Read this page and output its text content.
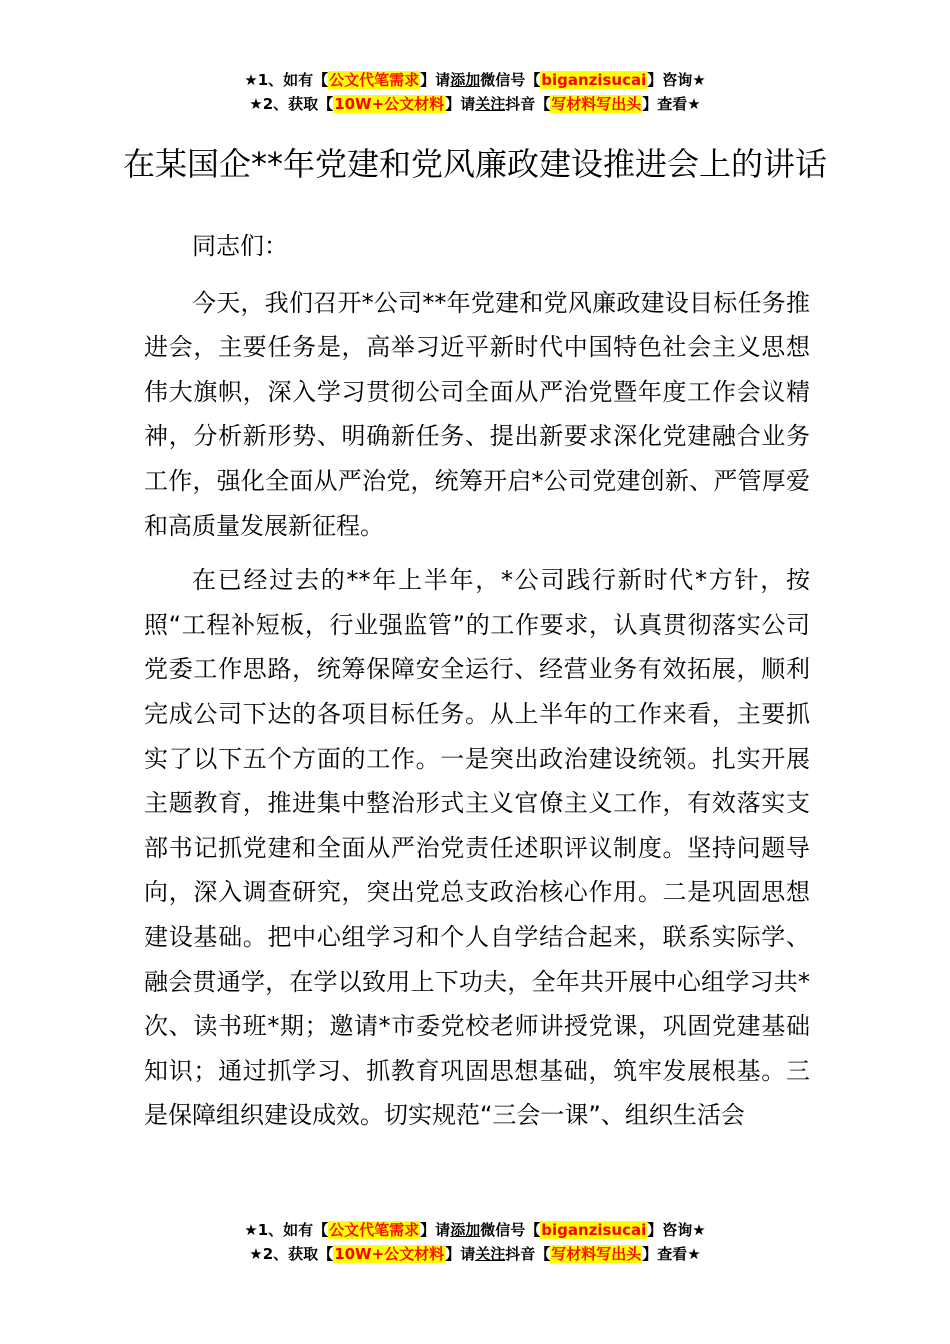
★1、如有【公文代笔需求】请添加微信号【biganzisucai】咨询★
★2、获取【10W+公文材料】请关注抖音【写材料写出头】查看★
在某国企**年党建和党风廉政建设推进会上的讲话

同志们：

今天，我们召开*公司**年党建和党风廉政建设目标任务推进会，主要任务是，高举习近平新时代中国特色社会主义思想伟大旗帜，深入学习贯彻公司全面从严治党暨年度工作会议精神，分析新形势、明确新任务、提出新要求深化党建融合业务工作，强化全面从严治党，统筹开启*公司党建创新、严管厚爱和高质量发展新征程。

在已经过去的**年上半年，*公司践行新时代*方针，按照“工程补短板，行业强监管”的工作要求，认真贯彻落实公司党委工作思路，统筹保障安全运行、经营业务有效拓展，顺利完成公司下达的各项目标任务。从上半年的工作来看，主要抓实了以下五个方面的工作。一是突出政治建设统领。扎实开展主题教育，推进集中整治形式主义官僚主义工作，有效落实支部书记抓党建和全面从严治党责任述职评议制度。坚持问题导向，深入调查研究，突出党总支政治核心作用。二是巩固思想建设基础。把中心组学习和个人自学结合起来，联系实际学、融会贯通学，在学以致用上下功夫，全年共开展中心组学习共*次、读书班*期；邀请*市委党校老师讲授党课，巩固党建基础知识；通过抓学习、抓教育巩固思想基础，筑牢发展根基。三是保障组织建设成效。切实规范“三会一课”、组织生活会

★1、如有【公文代笔需求】请添加微信号【biganzisucai】咨询★
★2、获取【10W+公文材料】请关注抖音【写材料写出头】查看★
